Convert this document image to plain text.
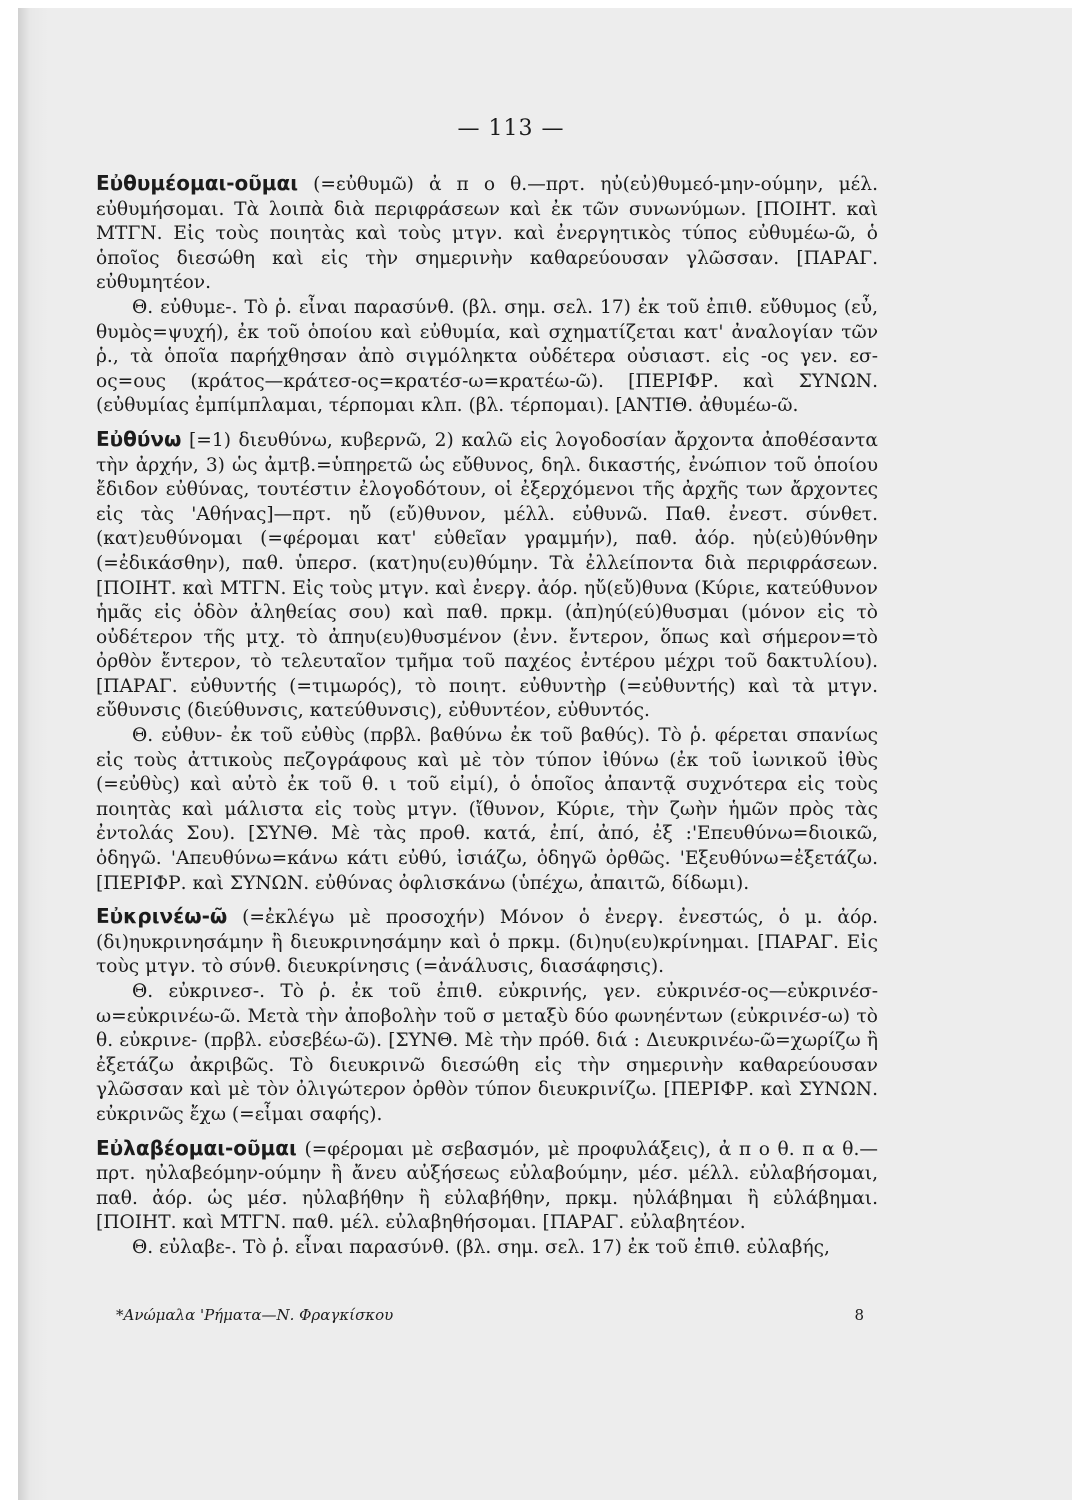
— 113 —

Εὐθυμέομαι-οῦμαι (=εὐθυμῶ) ἀ π ο θ.—πρτ. ηὐ(εὐ)θυμεό-μην-ούμην, μέλ. εὐθυμήσομαι. Τὰ λοιπὰ διὰ περιφράσεων καὶ ἐκ τῶν συνωνύμων. [ΠΟΙΗΤ. καὶ ΜΤΓΝ. Εἰς τοὺς ποιητὰς καὶ τοὺς μτγν. καὶ ἐνεργητικὸς τύπος εὐθυμέω-ῶ, ὁ ὁποῖος διεσώθη καὶ εἰς τὴν σημερινὴν καθαρεύουσαν γλῶσσαν. [ΠΑΡΑΓ. εὐθυμητέον.

Θ. εὐθυμε-. Τὸ ῥ. εἶναι παρασύνθ. (βλ. σημ. σελ. 17) ἐκ τοῦ ἐπιθ. εὔθυμος (εὖ, θυμὸς=ψυχή), ἐκ τοῦ ὁποίου καὶ εὐθυμία, καὶ σχηματίζεται κατ' ἀναλογίαν τῶν ῥ., τὰ ὁποῖα παρήχθησαν ἀπὸ σιγμόληκτα οὐδέτερα οὐσιαστ. εἰς -ος γεν. εσ-ος=ους (κράτος—κράτεσ-ος=κρατέσ-ω=κρατέω-ῶ). [ΠΕΡΙΦΡ. καὶ ΣΥΝΩΝ. (εὐθυμίας ἐμπίμπλαμαι, τέρπομαι κλπ. (βλ. τέρπομαι). [ΑΝΤΙΘ. ἀθυμέω-ῶ.

Εὐθύνω [=1) διευθύνω, κυβερνῶ, 2) καλῶ εἰς λογοδοσίαν ἄρχοντα ἀποθέσαντα τὴν ἀρχήν, 3) ὡς ἀμτβ.=ὑπηρετῶ ὡς εὔθυνος, δηλ. δικαστής, ἐνώπιον τοῦ ὁποίου ἔδιδον εὐθύνας, τουτέστιν ἐλογοδότουν, οἱ ἐξερχόμενοι τῆς ἀρχῆς των ἄρχοντες εἰς τὰς 'Αθήνας]—πρτ. ηὔ (εὔ)θυνον, μέλλ. εὐθυνῶ. Παθ. ἐνεστ. σύνθετ. (κατ)ευθύνομαι (=φέρομαι κατ' εὐθεῖαν γραμμήν), παθ. ἀόρ. ηὐ(εὐ)θύνθην (=ἐδικάσθην), παθ. ὑπερσ. (κατ)ηυ(ευ)θύμην. Τὰ ἐλλείποντα διὰ περιφράσεων. [ΠΟΙΗΤ. καὶ ΜΤΓΝ. Εἰς τοὺς μτγν. καὶ ἐνεργ. ἀόρ. ηὔ(εὔ)θυνα (Κύριε, κατεύθυνον ἡμᾶς εἰς ὁδὸν ἀληθείας σου) καὶ παθ. πρκμ. (ἀπ)ηύ(εύ)θυσμαι (μόνον εἰς τὸ οὐδέτερον τῆς μτχ. τὸ ἀπηυ(ευ)θυσμένον (ἐνν. ἔντερον, ὅπως καὶ σήμερον=τὸ ὀρθὸν ἔντερον, τὸ τελευταῖον τμῆμα τοῦ παχέος ἐντέρου μέχρι τοῦ δακτυλίου). [ΠΑΡΑΓ. εὐθυντής (=τιμωρός), τὸ ποιητ. εὐθυντὴρ (=εὐθυντής) καὶ τὰ μτγν. εὔθυνσις (διεύθυνσις, κατεύθυνσις), εὐθυντέον, εὐθυντός.

Θ. εὐθυν- ἐκ τοῦ εὐθὺς (πρβλ. βαθύνω ἐκ τοῦ βαθύς). Τὸ ῥ. φέρεται σπανίως εἰς τοὺς ἀττικοὺς πεζογράφους καὶ μὲ τὸν τύπον ἰθύνω (ἐκ τοῦ ἰωνικοῦ ἰθὺς (=εὐθὺς) καὶ αὐτὸ ἐκ τοῦ θ. ι τοῦ εἰμί), ὁ ὁποῖος ἀπαντᾷ συχνότερα εἰς τοὺς ποιητὰς καὶ μάλιστα εἰς τοὺς μτγν. (ἴθυνον, Κύριε, τὴν ζωὴν ἡμῶν πρὸς τὰς ἐντολάς Σου). [ΣΥΝΘ. Μὲ τὰς προθ. κατά, ἐπί, ἀπό, ἐξ :'Επευθύνω=διοικῶ, ὁδηγῶ. 'Απευθύνω=κάνω κάτι εὐθύ, ἰσιάζω, ὁδηγῶ ὀρθῶς. 'Εξευθύνω=ἐξετάζω. [ΠΕΡΙΦΡ. καὶ ΣΥΝΩΝ. εὐθύνας ὀφλισκάνω (ὑπέχω, ἀπαιτῶ, δίδωμι).

Εὐκρινέω-ῶ (=ἐκλέγω μὲ προσοχήν) Μόνον ὁ ἐνεργ. ἐνεστώς, ὁ μ. ἀόρ. (δι)ηυκρινησάμην ἢ διευκρινησάμην καὶ ὁ πρκμ. (δι)ηυ(ευ)κρίνημαι. [ΠΑΡΑΓ. Εἰς τοὺς μτγν. τὸ σύνθ. διευκρίνησις (=ἀνάλυσις, διασάφησις).

Θ. εὐκρινεσ-. Τὸ ῥ. ἐκ τοῦ ἐπιθ. εὐκρινής, γεν. εὐκρινέσ-ος—εὐκρινέσ-ω=εὐκρινέω-ῶ. Μετὰ τὴν ἀποβολὴν τοῦ σ μεταξὺ δύο φωνηέντων (εὐκρινέσ-ω) τὸ θ. εὐκρινε- (πρβλ. εὐσεβέω-ῶ). [ΣΥΝΘ. Μὲ τὴν πρόθ. διά : Διευκρινέω-ῶ=χωρίζω ἢ ἐξετάζω ἀκριβῶς. Τὸ διευκρινῶ διεσώθη εἰς τὴν σημερινὴν καθαρεύουσαν γλῶσσαν καὶ μὲ τὸν ὀλιγώτερον ὀρθὸν τύπον διευκρινίζω. [ΠΕΡΙΦΡ. καὶ ΣΥΝΩΝ. εὐκρινῶς ἔχω (=εἶμαι σαφής).

Εὐλαβέομαι-οῦμαι (=φέρομαι μὲ σεβασμόν, μὲ προφυλάξεις), ἀ π ο θ. π α θ.—πρτ. ηὐλαβεόμην-ούμην ἢ ἄνευ αὐξήσεως εὐλαβούμην, μέσ. μέλλ. εὐλαβήσομαι, παθ. ἀόρ. ὡς μέσ. ηὐλαβήθην ἢ εὐλαβήθην, πρκμ. ηὐλάβημαι ἢ εὐλάβημαι. [ΠΟΙΗΤ. καὶ ΜΤΓΝ. παθ. μέλ. εὐλαβηθήσομαι. [ΠΑΡΑΓ. εὐλαβητέον.

Θ. εὐλαβε-. Τὸ ῥ. εἶναι παρασύνθ. (βλ. σημ. σελ. 17) ἐκ τοῦ ἐπιθ. εὐλαβής,

*Ανώμαλα 'Ρήματα—Ν. Φραγκίσκου	8
